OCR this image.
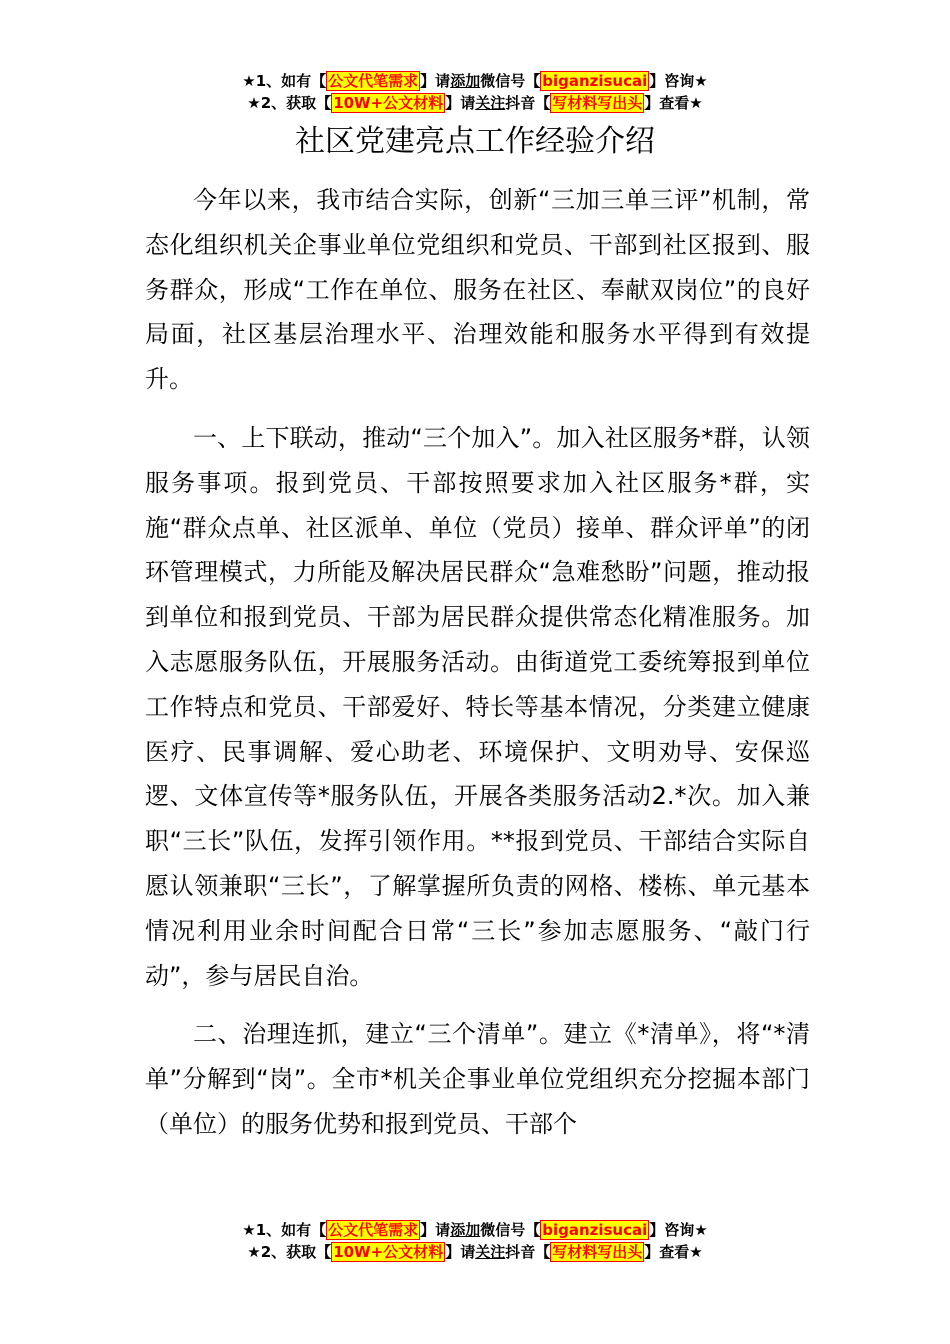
★1、如有【 公文代笔需求 】请添加微信号【 biganzisucai 】咨询★
★2、获取【 10W+公文材料 】请关注抖音【 写材料写出头 】查看★
社区党建亮点工作经验介绍

今年以来，我市结合实际，创新“三加三单三评”机制，常态化组织机关企事业单位党组织和党员、干部到社区报到、服务群众，形成“工作在单位、服务在社区、奉献双岗位”的良好局面，社区基层治理水平、治理效能和服务水平得到有效提升。

一、上下联动，推动“三个加入”。加入社区服务*群，认领服务事项。报到党员、干部按照要求加入社区服务*群，实施“群众点单、社区派单、单位（党员）接单、群众评单”的闭环管理模式，力所能及解决居民群众“急难愁盼”问题，推动报到单位和报到党员、干部为居民群众提供常态化精准服务。加入志愿服务队伍，开展服务活动。由街道党工委统筹报到单位工作特点和党员、干部爱好、特长等基本情况，分类建立健康医疗、民事调解、爱心助老、环境保护、文明劝导、安保巡逻、文体宣传等*服务队伍，开展各类服务活动2.*次。加入兼职“三长”队伍，发挥引领作用。**报到党员、干部结合实际自愿认领兼职“三长”，了解掌握所负责的网格、楼栋、单元基本情况利用业余时间配合日常“三长”参加志愿服务、“敲门行动”，参与居民自治。

二、治理连抓，建立“三个清单”。建立《*清单》，将“*清单”分解到“岗”。全市*机关企事业单位党组织充分挖掘本部门（单位）的服务优势和报到党员、干部个

★1、如有【 公文代笔需求 】请添加微信号【 biganzisucai 】咨询★
★2、获取【 10W+公文材料 】请关注抖音【 写材料写出头 】查看★
